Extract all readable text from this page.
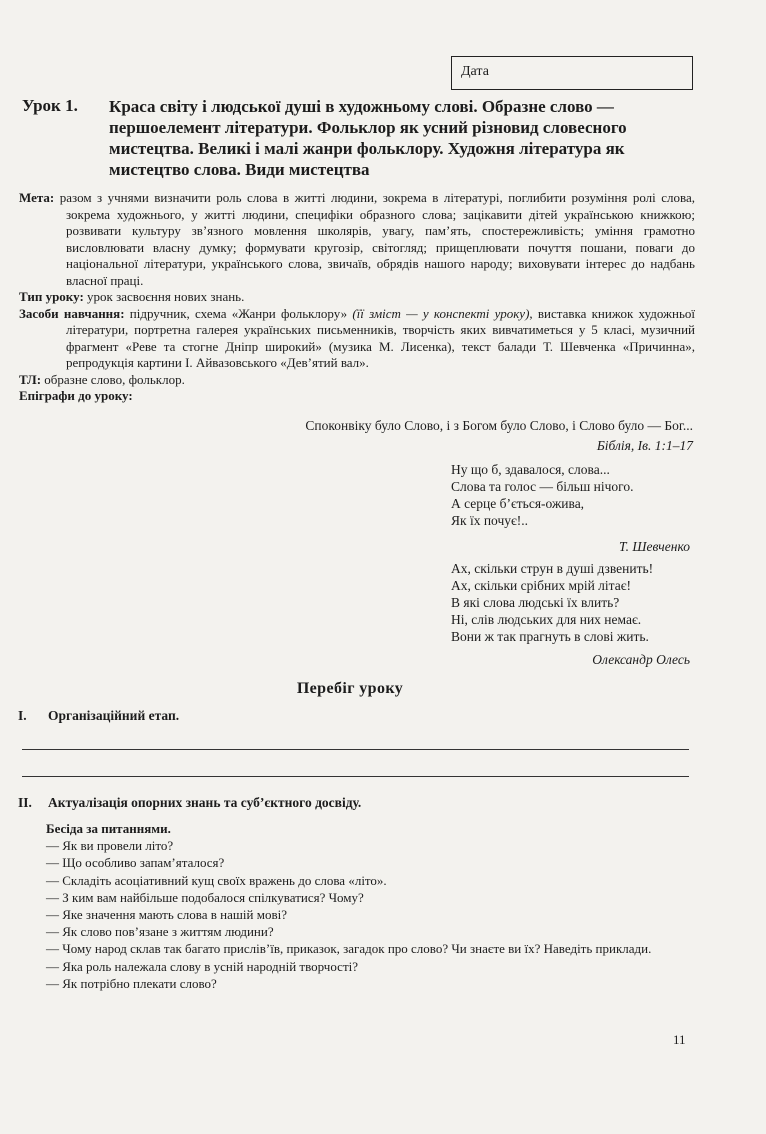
Дата
Урок 1. Краса світу і людської душі в художньому слові. Образне слово — першоелемент літератури. Фольклор як усний різновид словесного мистецтва. Великі і малі жанри фольклору. Художня література як мистецтво слова. Види мистецтва
Мета: разом з учнями визначити роль слова в житті людини, зокрема в літературі, поглибити розуміння ролі слова, зокрема художнього, у житті людини, специфіки образного слова; зацікавити дітей українською книжкою; розвивати культуру зв’язного мовлення школярів, увагу, пам’ять, спостережливість; уміння грамотно висловлювати власну думку; формувати кругозір, світогляд; прищеплювати почуття пошани, поваги до національної літератури, українського слова, звичаїв, обрядів нашого народу; виховувати інтерес до надбань власної праці.
Тип уроку: урок засвоєння нових знань.
Засоби навчання: підручник, схема «Жанри фольклору» (її зміст — у конспекті уроку), виставка книжок художньої літератури, портретна галерея українських письменників, творчість яких вивчатиметься у 5 класі, музичний фрагмент «Реве та стогне Дніпр широкий» (музика М. Лисенка), текст балади Т. Шевченка «Причинна», репродукція картини І. Айвазовського «Дев’ятий вал».
ТЛ: образне слово, фольклор.
Епіграфи до уроку:
Споконвіку було Слово, і з Богом було Слово, і Слово було — Бог...
Біблія, Ів. 1:1–17
Ну що б, здавалося, слова...
Слова та голос — більш нічого.
А серце б’ється-ожива,
Як їх почує!..
Т. Шевченко
Ах, скільки струн в душі дзвенить!
Ах, скільки срібних мрій літає!
В які слова людські їх влить?
Ні, слів людських для них немає.
Вони ж так прагнуть в слові жить.
Олександр Олесь
Перебіг уроку
I. Організаційний етап.
II. Актуалізація опорних знань та суб’єктного досвіду.
Бесіда за питаннями.
— Як ви провели літо?
— Що особливо запам’яталося?
— Складіть асоціативний кущ своїх вражень до слова «літо».
— З ким вам найбільше подобалося спілкуватися? Чому?
— Яке значення мають слова в нашій мові?
— Як слово пов’язане з життям людини?
— Чому народ склав так багато прислів’їв, приказок, загадок про слово? Чи знаєте ви їх? Наведіть приклади.
— Яка роль належала слову в усній народній творчості?
— Як потрібно плекати слово?
11
